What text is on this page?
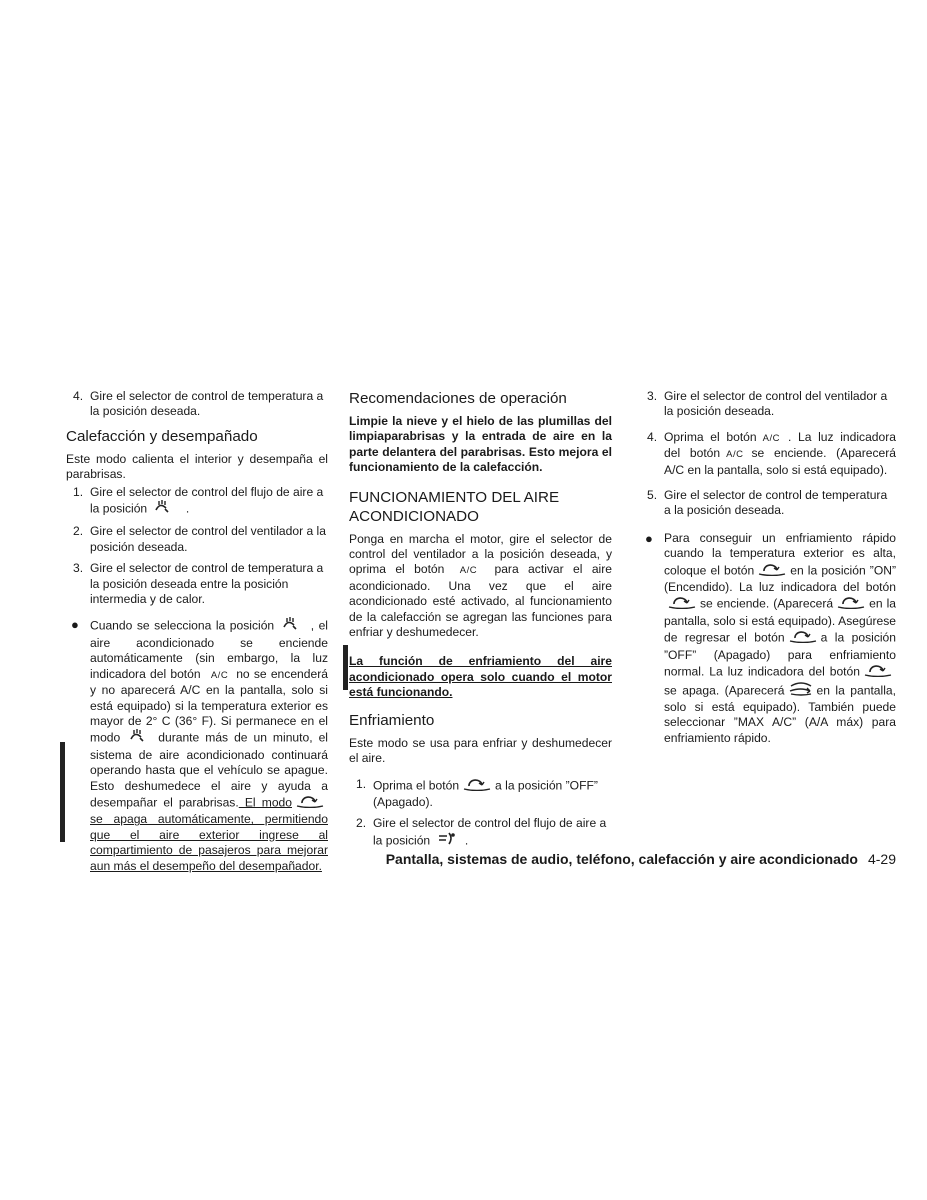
4. Gire el selector de control de temperatura a la posición deseada.
Calefacción y desempañado

Este modo calienta el interior y desempaña el parabrisas.

1. Gire el selector de control del flujo de aire a la posición	.
2. Gire el selector de control del ventilador a la posición deseada.
3. Gire el selector de control de temperatura a la posición deseada entre la posición intermedia y de calor.
● Cuando se selecciona la posición	, el aire acondicionado se enciende automáticamente (sin embargo, la luz indicadora del botón A/C no se encenderá y no aparecerá A/C en la pantalla, solo si está equipado) si la temperatura exterior es mayor de 2° C (36° F). Si permanece en el modo	durante más de un minuto, el sistema de aire acondicionado continuará operando hasta que el vehículo se apague. Esto deshumedece el aire y ayuda a desempañar el parabrisas. El modose apaga automáticamente, permitiendo que el aire exterior ingrese al compartimiento de pasajeros para mejorar aun más el desempeño del desempañador.
Recomendaciones de operación

Limpie la nieve y el hielo de las plumillas del limpiaparabrisas y la entrada de aire en la parte delantera del parabrisas. Esto mejora el funcionamiento de la calefacción.

FUNCIONAMIENTO DEL AIRE ACONDICIONADO

Ponga en marcha el motor, gire el selector de control del ventilador a la posición deseada, y oprima el botón A/C para activar el aire acondicionado. Una vez que el aire acondicionado esté activado, al funcionamiento de la calefacción se agregan las funciones para enfriar y deshumedecer.

La función de enfriamiento del aire acondicionado opera solo cuando el motor está funcionando.

Enfriamiento

Este modo se usa para enfriar y deshumedecer el aire.

1. Oprima el botón	a la posición ”OFF” (Apagado).
2. Gire el selector de control del flujo de aire a la posición	.
3. Gire el selector de control del ventilador a la posición deseada.
4. Oprima el botón A/C . La luz indicadora del botón A/C se enciende. (Aparecerá A/C en la pantalla, solo si está equipado).
5. Gire el selector de control de temperatura a la posición deseada.
● Para conseguir un enfriamiento rápido cuando la temperatura exterior es alta, coloque el botón	en la posición ”ON” (Encendido). La luz indicadora del botónse enciende. (Aparecerá	en la pantalla, solo si está equipado). Asegúrese de regresar el botón	a la posición ”OFF” (Apagado) para enfriamiento normal. La luz indicadora del botónse apaga. (Aparecerá	en la pantalla, solo si está equipado). También puede seleccionar ”MAX A/C” (A/A máx) para enfriamiento rápido.
Pantalla, sistemas de audio, teléfono, calefacción y aire acondicionado 4-29
